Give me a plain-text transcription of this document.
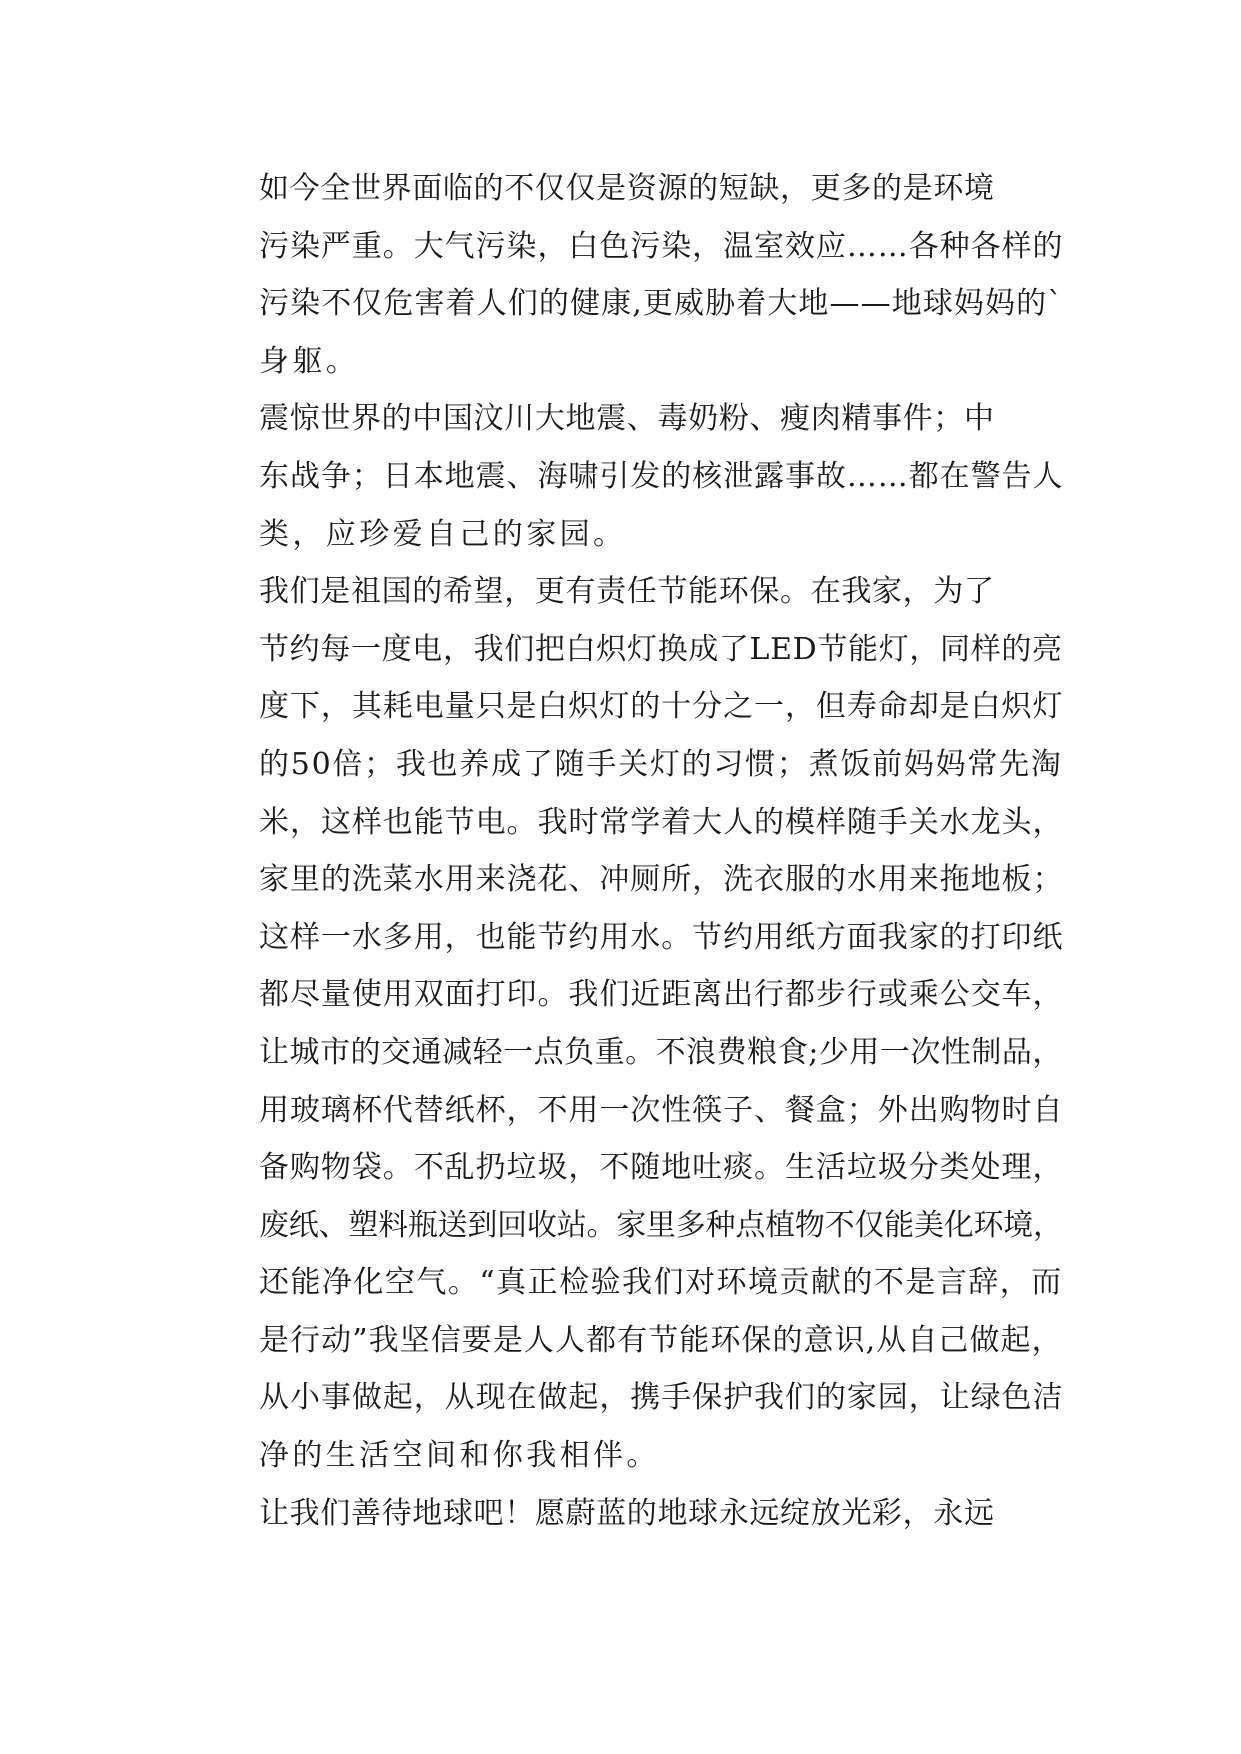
如今全世界面临的不仅仅是资源的短缺，更多的是环境
污染严重。大气污染，白色污染，温室效应……各种各样的
污染不仅危害着人们的健康,更威胁着大地——地球妈妈的`
身躯。

震惊世界的中国汶川大地震、毒奶粉、瘦肉精事件；中
东战争；日本地震、海啸引发的核泄露事故……都在警告人
类，应珍爱自己的家园。

我们是祖国的希望，更有责任节能环保。在我家，为了
节约每一度电，我们把白炽灯换成了LED节能灯，同样的亮
度下，其耗电量只是白炽灯的十分之一，但寿命却是白炽灯
的50倍；我也养成了随手关灯的习惯；煮饭前妈妈常先淘
米，这样也能节电。我时常学着大人的模样随手关水龙头，
家里的洗菜水用来浇花、冲厕所，洗衣服的水用来拖地板；
这样一水多用，也能节约用水。节约用纸方面我家的打印纸
都尽量使用双面打印。我们近距离出行都步行或乘公交车，
让城市的交通减轻一点负重。不浪费粮食;少用一次性制品，
用玻璃杯代替纸杯，不用一次性筷子、餐盒；外出购物时自
备购物袋。不乱扔垃圾，不随地吐痰。生活垃圾分类处理，
废纸、塑料瓶送到回收站。家里多种点植物不仅能美化环境，
还能净化空气。“真正检验我们对环境贡献的不是言辞，而
是行动”我坚信要是人人都有节能环保的意识,从自己做起，
从小事做起，从现在做起，携手保护我们的家园，让绿色洁
净的生活空间和你我相伴。

让我们善待地球吧！愿蔚蓝的地球永远绽放光彩，永远
